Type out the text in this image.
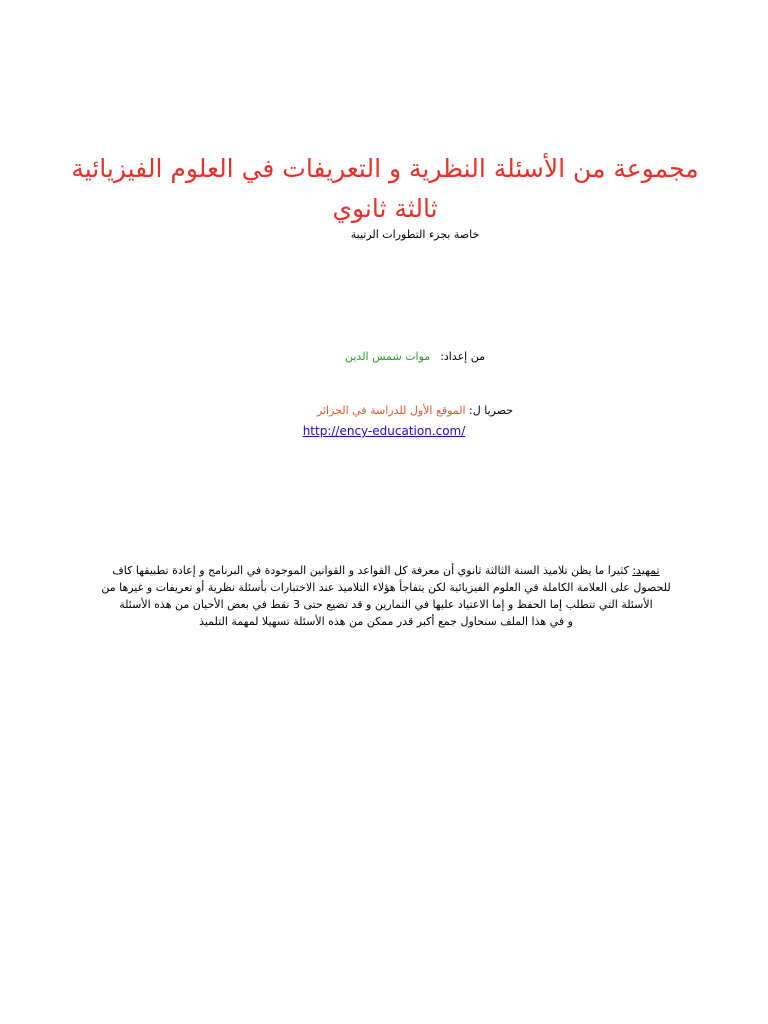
مجموعة من الأسئلة النظرية و التعريفات في العلوم الفيزيائية
ثالثة ثانوي
خاصة بجزء التطورات الرتيبة
من إعداد:موات شمس الدين
حصريا ل: الموقع الأول للدراسة في الجزائر
http://ency-education.com/

تمهيد: كثيرا ما يظن تلاميذ السنة الثالثة ثانوي أن معرفة كل القواعد و القوانين الموجودة في البرنامج و إعادة تطبيقها كاف

للحصول على العلامة الكاملة في العلوم الفيزيائية لكن يتفاجأ هؤلاء التلاميذ عند الاختبارات بأسئلة نظرية أو تعريفات و غيرها من

الأسئلة التي تتطلب إما الحفظ و إما الاعتياد عليها في التمارين و قد تضيع حتى 3 نقط في بعض الأحيان من هذه الأسئلة

و في هذا الملف سنحاول جمع أكبر قدر ممكن من هذه الأسئلة تسهيلا لمهمة التلميذ
